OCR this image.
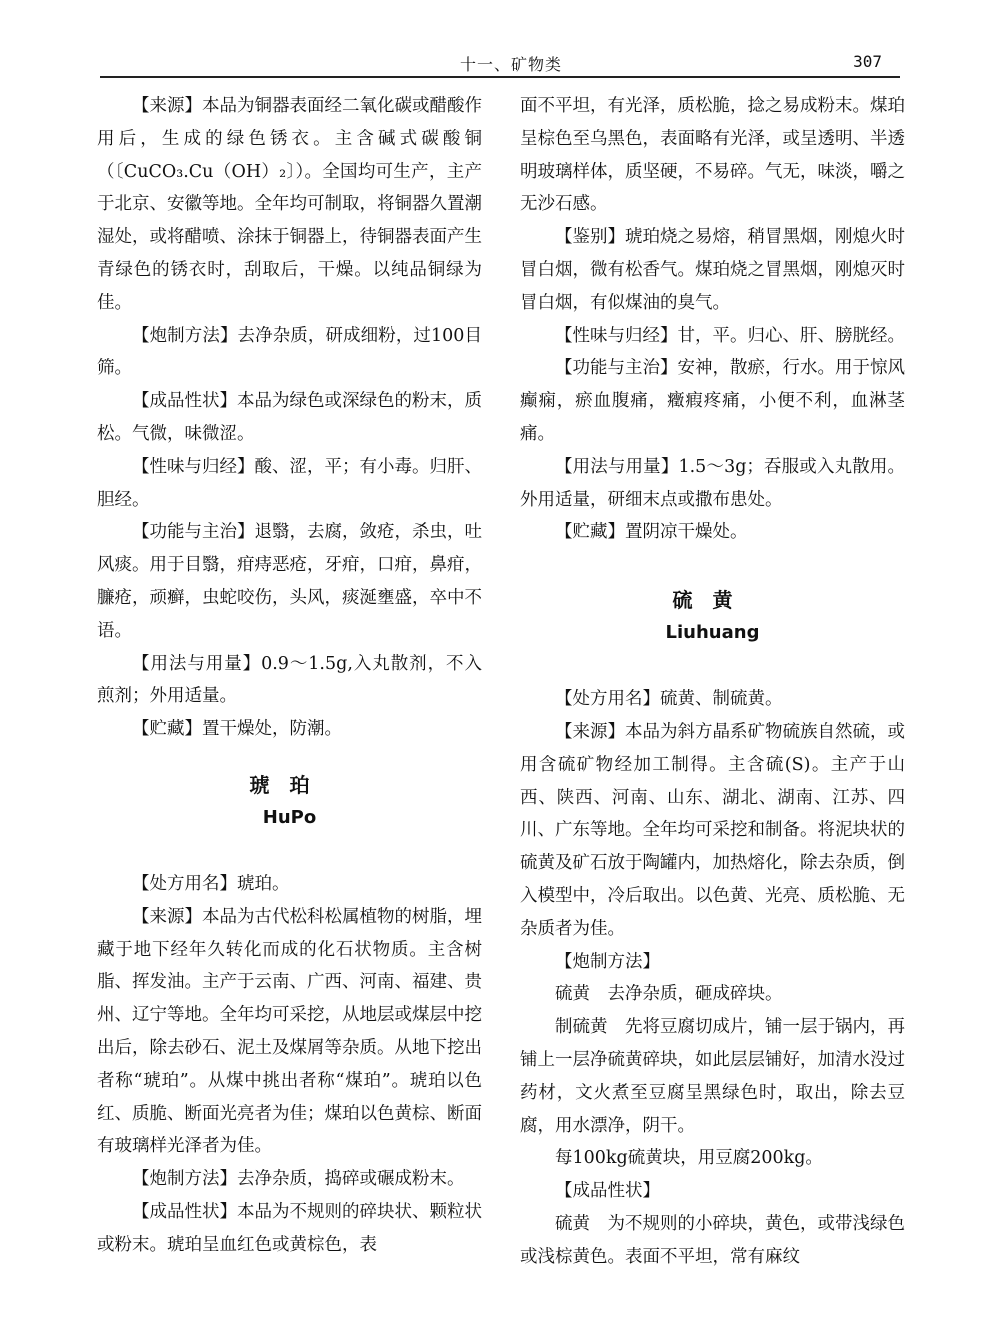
十一、矿物类	307

【来源】本品为铜器表面经二氧化碳或醋酸作用后，生成的绿色锈衣。主含碱式碳酸铜（〔CuCO₃.Cu（OH）₂〕）。全国均可生产，主产于北京、安徽等地。全年均可制取，将铜器久置潮湿处，或将醋喷、涂抹于铜器上，待铜器表面产生青绿色的锈衣时，刮取后，干燥。以纯品铜绿为佳。

【炮制方法】去净杂质，研成细粉，过100目筛。

【成品性状】本品为绿色或深绿色的粉末，质松。气微，味微涩。

【性味与归经】酸、涩，平；有小毒。归肝、胆经。

【功能与主治】退翳，去腐，敛疮，杀虫，吐风痰。用于目翳，疳痔恶疮，牙疳，口疳，鼻疳，臁疮，顽癣，虫蛇咬伤，头风，痰涎壅盛，卒中不语。

【用法与用量】0.9～1.5g,入丸散剂，不入煎剂；外用适量。

【贮藏】置干燥处，防潮。

琥珀
HuPo

【处方用名】琥珀。

【来源】本品为古代松科松属植物的树脂，埋藏于地下经年久转化而成的化石状物质。主含树脂、挥发油。主产于云南、广西、河南、福建、贵州、辽宁等地。全年均可采挖，从地层或煤层中挖出后，除去砂石、泥土及煤屑等杂质。从地下挖出者称“琥珀”。从煤中挑出者称“煤珀”。琥珀以色红、质脆、断面光亮者为佳；煤珀以色黄棕、断面有玻璃样光泽者为佳。

【炮制方法】去净杂质，捣碎或碾成粉末。

【成品性状】本品为不规则的碎块状、颗粒状或粉末。琥珀呈血红色或黄棕色，表

面不平坦，有光泽，质松脆，捻之易成粉末。煤珀呈棕色至乌黑色，表面略有光泽，或呈透明、半透明玻璃样体，质坚硬，不易碎。气无，味淡，嚼之无沙石感。

【鉴别】琥珀烧之易熔，稍冒黑烟，刚熄火时冒白烟，微有松香气。煤珀烧之冒黑烟，刚熄灭时冒白烟，有似煤油的臭气。

【性味与归经】甘，平。归心、肝、膀胱经。

【功能与主治】安神，散瘀，行水。用于惊风癫痫，瘀血腹痛，癥瘕疼痛，小便不利，血淋茎痛。

【用法与用量】1.5～3g；吞服或入丸散用。外用适量，研细末点或撒布患处。

【贮藏】置阴凉干燥处。

硫黄
Liuhuang

【处方用名】硫黄、制硫黄。

【来源】本品为斜方晶系矿物硫族自然硫，或用含硫矿物经加工制得。主含硫(S)。主产于山西、陕西、河南、山东、湖北、湖南、江苏、四川、广东等地。全年均可采挖和制备。将泥块状的硫黄及矿石放于陶罐内，加热熔化，除去杂质，倒入模型中，冷后取出。以色黄、光亮、质松脆、无杂质者为佳。

【炮制方法】

硫黄　去净杂质，砸成碎块。

制硫黄　先将豆腐切成片，铺一层于锅内，再铺上一层净硫黄碎块，如此层层铺好，加清水没过药材，文火煮至豆腐呈黑绿色时，取出，除去豆腐，用水漂净，阴干。

每100kg硫黄块，用豆腐200kg。

【成品性状】

硫黄　为不规则的小碎块，黄色，或带浅绿色或浅棕黄色。表面不平坦，常有麻纹
